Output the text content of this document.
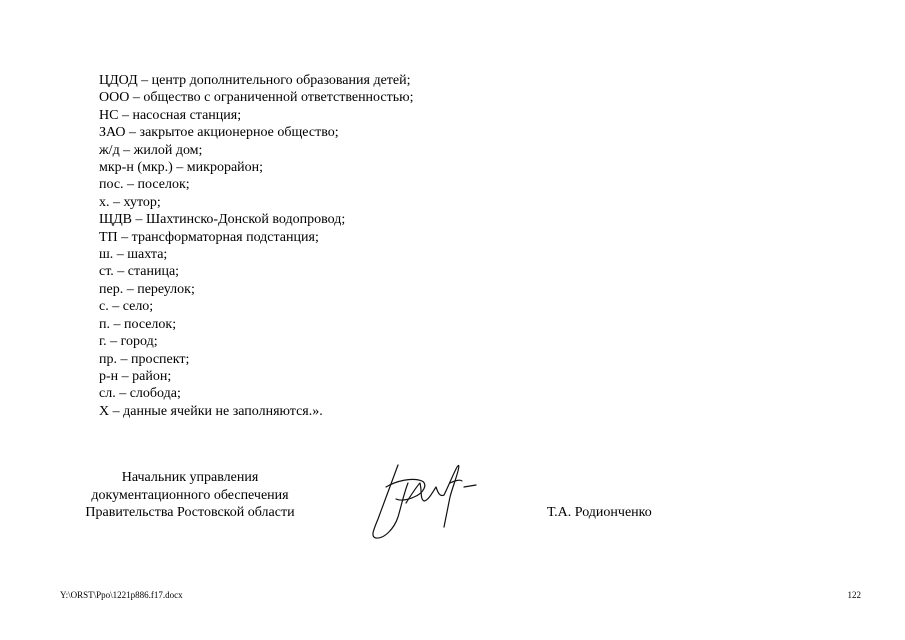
ЦДОД – центр дополнительного образования детей;
ООО – общество с ограниченной ответственностью;
НС – насосная станция;
ЗАО – закрытое акционерное общество;
ж/д – жилой дом;
мкр-н (мкр.) – микрорайон;
пос. – поселок;
х. – хутор;
ЩДВ – Шахтинско-Донской водопровод;
ТП – трансформаторная подстанция;
ш. – шахта;
ст. – станица;
пер. – переулок;
с. – село;
п. – поселок;
г. – город;
пр. – проспект;
р-н – район;
сл. – слобода;
Х – данные ячейки не заполняются.».
Начальник управления
документационного обеспечения
Правительства Ростовской области	Т.А. Родионченко
Y:\ORST\Ppo\1221p886.f17.docx	122
